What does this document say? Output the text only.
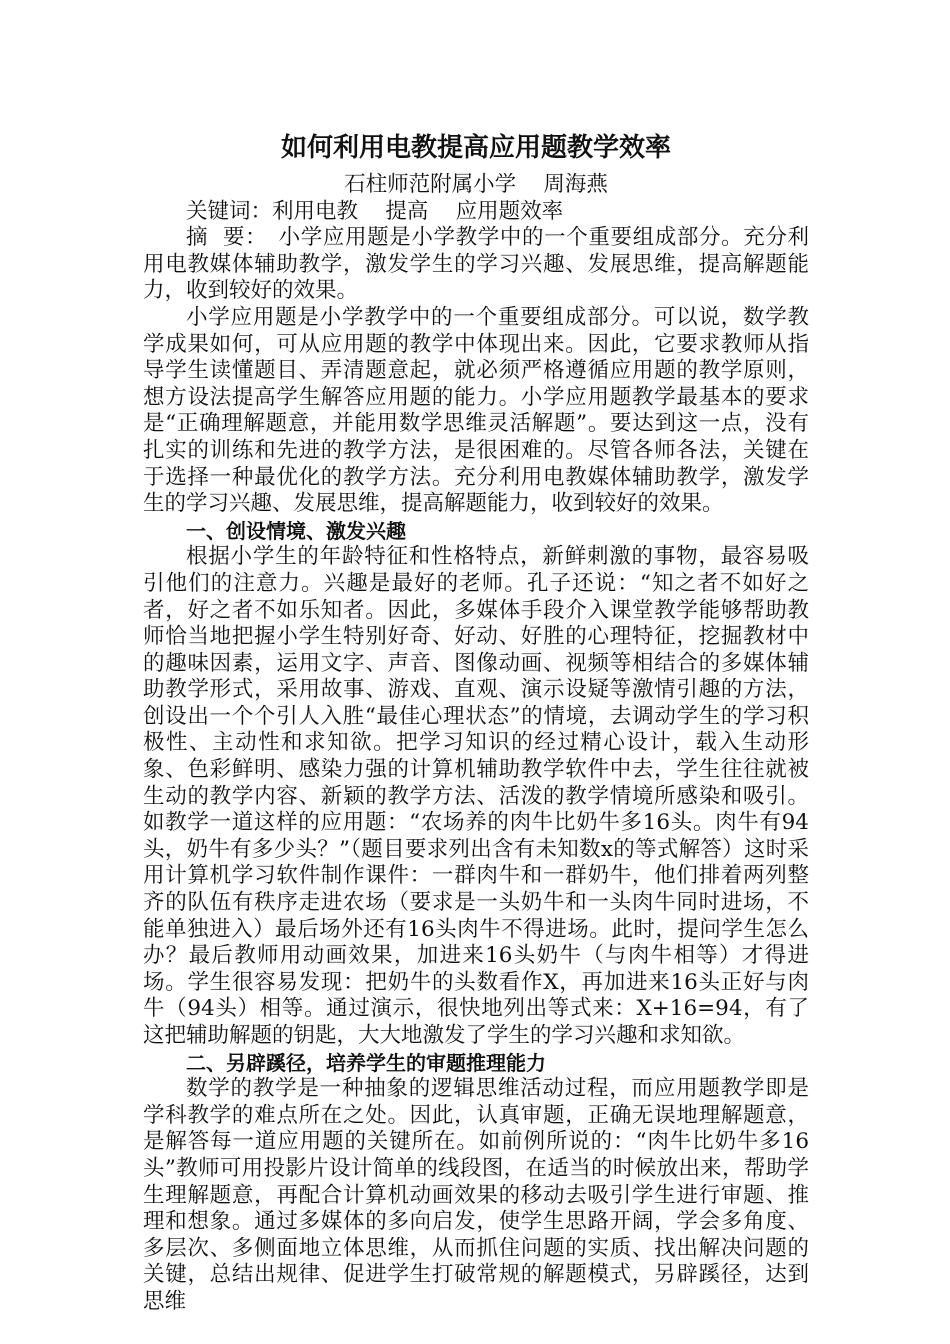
如何利用电教提高应用题教学效率
石柱师范附属小学    周海燕
关键词：利用电教    提高    应用题效率

摘  要：　 小学应用题是小学教学中的一个重要组成部分。充分利用电教媒体辅助教学，激发学生的学习兴趣、发展思维，提高解题能力，收到较好的效果。

小学应用题是小学教学中的一个重要组成部分。可以说，数学教学成果如何，可从应用题的教学中体现出来。因此，它要求教师从指导学生读懂题目、弄清题意起，就必须严格遵循应用题的教学原则，想方设法提高学生解答应用题的能力。小学应用题教学最基本的要求是“正确理解题意，并能用数学思维灵活解题”。要达到这一点，没有扎实的训练和先进的教学方法，是很困难的。尽管各师各法，关键在于选择一种最优化的教学方法。充分利用电教媒体辅助教学，激发学生的学习兴趣、发展思维，提高解题能力，收到较好的效果。

一、创设情境、激发兴趣

根据小学生的年龄特征和性格特点，新鲜刺激的事物，最容易吸引他们的注意力。兴趣是最好的老师。孔子还说：“知之者不如好之者，好之者不如乐知者。因此，多媒体手段介入课堂教学能够帮助教师恰当地把握小学生特别好奇、好动、好胜的心理特征，挖掘教材中的趣味因素，运用文字、声音、图像动画、视频等相结合的多媒体辅助教学形式，采用故事、游戏、直观、演示设疑等激情引趣的方法，创设出一个个引人入胜“最佳心理状态”的情境，去调动学生的学习积极性、主动性和求知欲。把学习知识的经过精心设计，载入生动形象、色彩鲜明、感染力强的计算机辅助教学软件中去，学生往往就被生动的教学内容、新颖的教学方法、活泼的教学情境所感染和吸引。如教学一道这样的应用题：“农场养的肉牛比奶牛多16头。肉牛有94头，奶牛有多少头？”（题目要求列出含有未知数x的等式解答）这时采用计算机学习软件制作课件：一群肉牛和一群奶牛，他们排着两列整齐的队伍有秩序走进农场（要求是一头奶牛和一头肉牛同时进场，不能单独进入）最后场外还有16头肉牛不得进场。此时，提问学生怎么办？最后教师用动画效果，加进来16头奶牛（与肉牛相等）才得进场。学生很容易发现：把奶牛的头数看作X，再加进来16头正好与肉牛（94头）相等。通过演示，很快地列出等式来：X+16=94，有了这把辅助解题的钥匙，大大地激发了学生的学习兴趣和求知欲。

二、另辟蹊径，培养学生的审题推理能力

数学的教学是一种抽象的逻辑思维活动过程，而应用题教学即是学科教学的难点所在之处。因此，认真审题，正确无误地理解题意，是解答每一道应用题的关键所在。如前例所说的：“肉牛比奶牛多16头”教师可用投影片设计简单的线段图，在适当的时候放出来，帮助学生理解题意，再配合计算机动画效果的移动去吸引学生进行审题、推理和想象。通过多媒体的多向启发，使学生思路开阔，学会多角度、多层次、多侧面地立体思维，从而抓住问题的实质、找出解决问题的关键，总结出规律、促进学生打破常规的解题模式，另辟蹊径，达到思维
